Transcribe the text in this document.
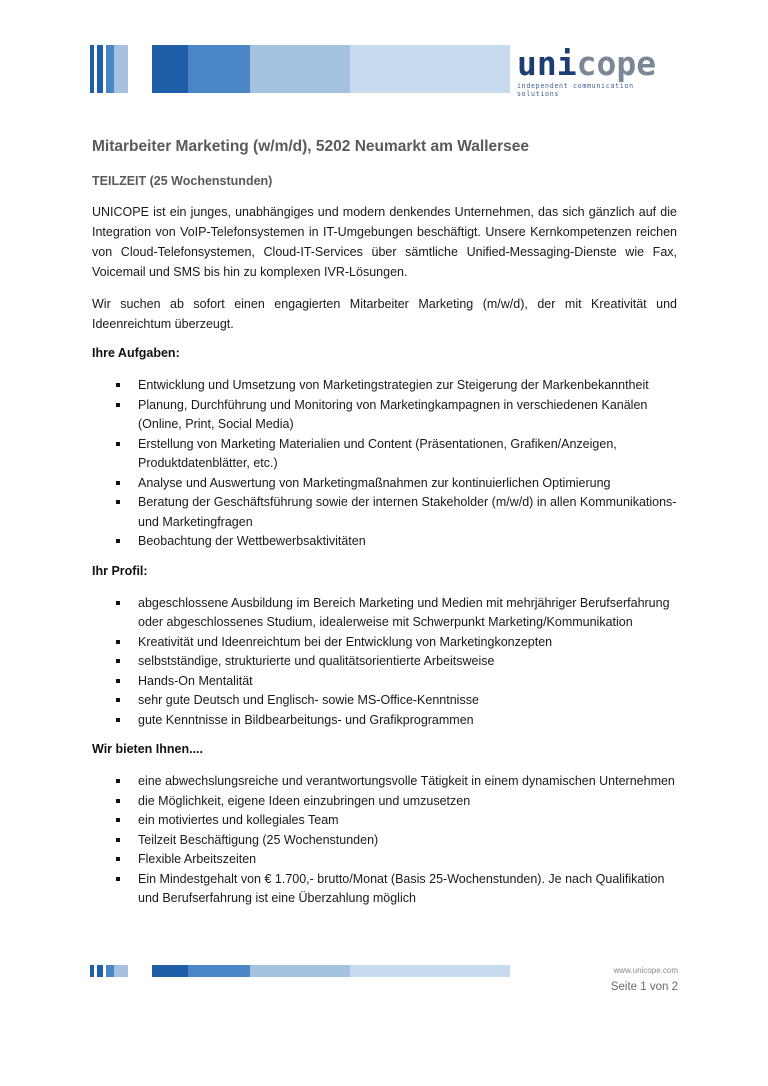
unicope
independent communication solutions
Mitarbeiter Marketing (w/m/d), 5202 Neumarkt am Wallersee
TEILZEIT (25 Wochenstunden)

UNICOPE ist ein junges, unabhängiges und modern denkendes Unternehmen, das sich gänzlich auf die Integration von VoIP-Telefonsystemen in IT-Umgebungen beschäftigt. Unsere Kernkompetenzen reichen von Cloud-Telefonsystemen, Cloud-IT-Services über sämtliche Unified-Messaging-Dienste wie Fax, Voicemail und SMS bis hin zu komplexen IVR-Lösungen.

Wir suchen ab sofort einen engagierten Mitarbeiter Marketing (m/w/d), der mit Kreativität und Ideenreichtum überzeugt.

Ihre Aufgaben:
Entwicklung und Umsetzung von Marketingstrategien zur Steigerung der Markenbekanntheit
Planung, Durchführung und Monitoring von Marketingkampagnen in verschiedenen Kanälen (Online, Print, Social Media)
Erstellung von Marketing Materialien und Content (Präsentationen, Grafiken/Anzeigen, Produktdatenblätter, etc.)
Analyse und Auswertung von Marketingmaßnahmen zur kontinuierlichen Optimierung
Beratung der Geschäftsführung sowie der internen Stakeholder (m/w/d) in allen Kommunikations- und Marketingfragen
Beobachtung der Wettbewerbsaktivitäten
Ihr Profil:
abgeschlossene Ausbildung im Bereich Marketing und Medien mit mehrjähriger Berufserfahrung oder abgeschlossenes Studium, idealerweise mit Schwerpunkt Marketing/Kommunikation
Kreativität und Ideenreichtum bei der Entwicklung von Marketingkonzepten
selbstständige, strukturierte und qualitätsorientierte Arbeitsweise
Hands-On Mentalität
sehr gute Deutsch und Englisch- sowie MS-Office-Kenntnisse
gute Kenntnisse in Bildbearbeitungs- und Grafikprogrammen
Wir bieten Ihnen....
eine abwechslungsreiche und verantwortungsvolle Tätigkeit in einem dynamischen Unternehmen
die Möglichkeit, eigene Ideen einzubringen und umzusetzen
ein motiviertes und kollegiales Team
Teilzeit Beschäftigung (25 Wochenstunden)
Flexible Arbeitszeiten
Ein Mindestgehalt von € 1.700,- brutto/Monat (Basis 25-Wochenstunden). Je nach Qualifikation und Berufserfahrung ist eine Überzahlung möglich
www.unicope.com
Seite 1 von 2
